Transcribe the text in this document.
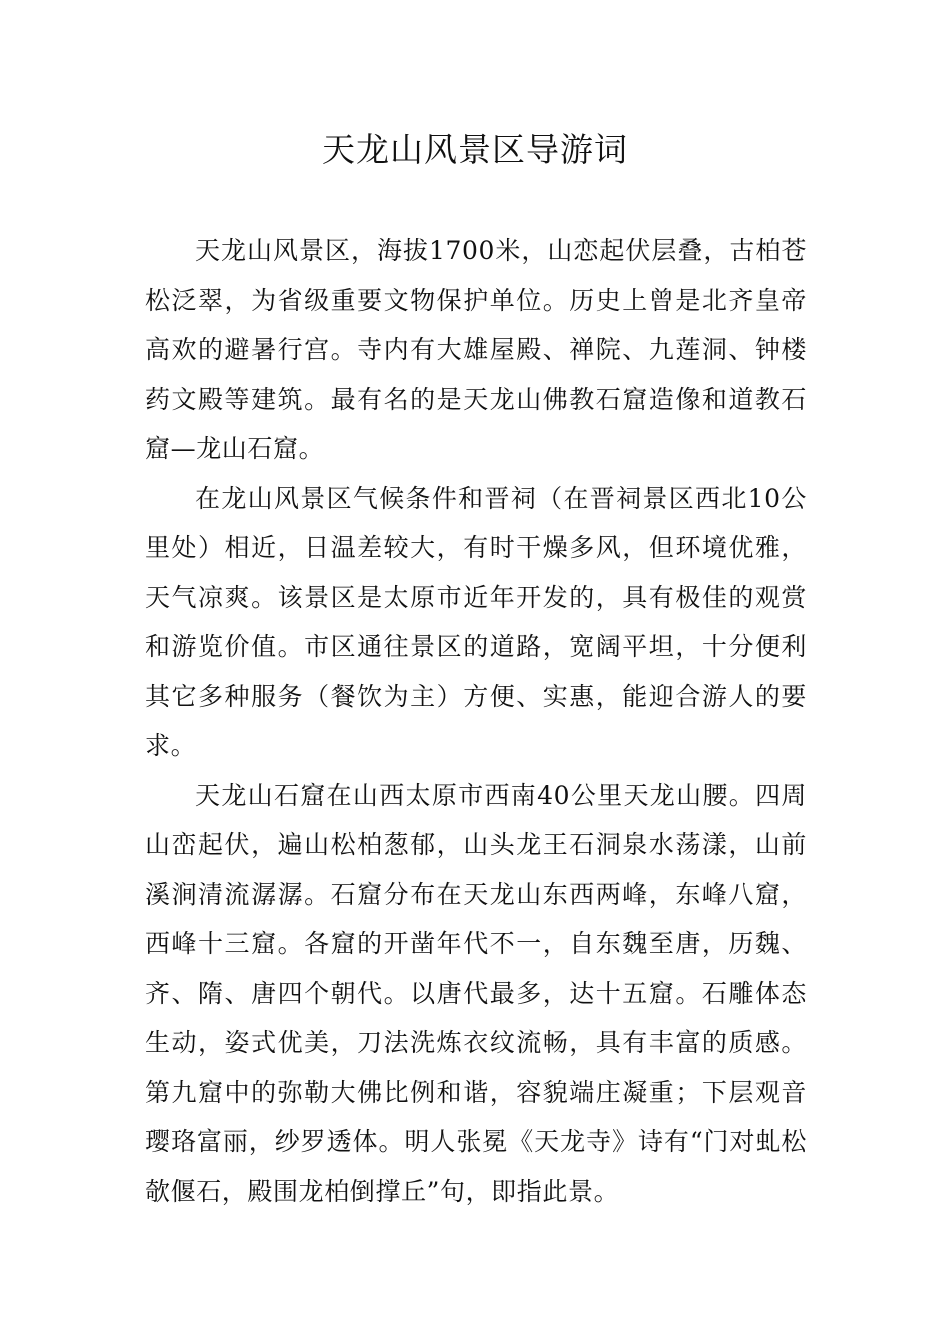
天龙山风景区导游词

天龙山风景区，海拔1700米，山恋起伏层叠，古柏苍松泛翠，为省级重要文物保护单位。历史上曾是北齐皇帝高欢的避暑行宫。寺内有大雄屋殿、禅院、九莲洞、钟楼药文殿等建筑。最有名的是天龙山佛教石窟造像和道教石窟—龙山石窟。

在龙山风景区气候条件和晋祠（在晋祠景区西北10公里处）相近，日温差较大，有时干燥多风，但环境优雅，天气凉爽。该景区是太原市近年开发的，具有极佳的观赏和游览价值。市区通往景区的道路，宽阔平坦，十分便利其它多种服务（餐饮为主）方便、实惠，能迎合游人的要求。

天龙山石窟在山西太原市西南40公里天龙山腰。四周山峦起伏，遍山松柏葱郁，山头龙王石洞泉水荡漾，山前溪涧清流潺潺。石窟分布在天龙山东西两峰，东峰八窟，西峰十三窟。各窟的开凿年代不一，自东魏至唐，历魏、齐、隋、唐四个朝代。以唐代最多，达十五窟。石雕体态生动，姿式优美，刀法洗炼衣纹流畅，具有丰富的质感。第九窟中的弥勒大佛比例和谐，容貌端庄凝重；下层观音璎珞富丽，纱罗透体。明人张冕《天龙寺》诗有“门对虬松欹偃石，殿围龙柏倒撑丘”句，即指此景。
